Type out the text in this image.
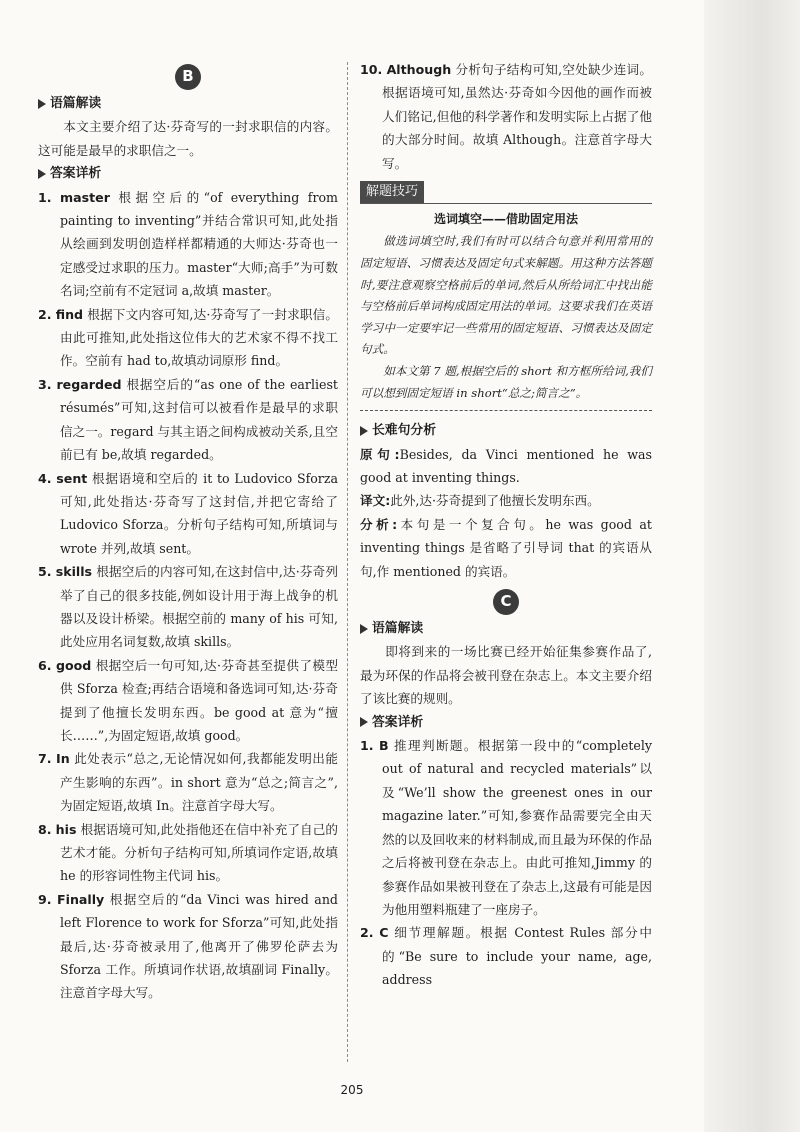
B

语篇解读

本文主要介绍了达·芬奇写的一封求职信的内容。这可能是最早的求职信之一。

答案详析

1. master 根据空后的“of everything from painting to inventing”并结合常识可知,此处指从绘画到发明创造样样都精通的大师达·芬奇也一定感受过求职的压力。master“大师;高手”为可数名词;空前有不定冠词 a,故填 master。

2. find 根据下文内容可知,达·芬奇写了一封求职信。由此可推知,此处指这位伟大的艺术家不得不找工作。空前有 had to,故填动词原形 find。

3. regarded 根据空后的“as one of the earliest résumés”可知,这封信可以被看作是最早的求职信之一。regard 与其主语之间构成被动关系,且空前已有 be,故填 regarded。

4. sent 根据语境和空后的 it to Ludovico Sforza 可知,此处指达·芬奇写了这封信,并把它寄给了 Ludovico Sforza。分析句子结构可知,所填词与 wrote 并列,故填 sent。

5. skills 根据空后的内容可知,在这封信中,达·芬奇列举了自己的很多技能,例如设计用于海上战争的机器以及设计桥梁。根据空前的 many of his 可知,此处应用名词复数,故填 skills。

6. good 根据空后一句可知,达·芬奇甚至提供了模型供 Sforza 检查;再结合语境和备选词可知,达·芬奇提到了他擅长发明东西。be good at 意为“擅长……”,为固定短语,故填 good。

7. In 此处表示“总之,无论情况如何,我都能发明出能产生影响的东西”。in short 意为“总之;简言之”,为固定短语,故填 In。注意首字母大写。

8. his 根据语境可知,此处指他还在信中补充了自己的艺术才能。分析句子结构可知,所填词作定语,故填 he 的形容词性物主代词 his。

9. Finally 根据空后的“da Vinci was hired and left Florence to work for Sforza”可知,此处指最后,达·芬奇被录用了,他离开了佛罗伦萨去为 Sforza 工作。所填词作状语,故填副词 Finally。注意首字母大写。

10. Although 分析句子结构可知,空处缺少连词。根据语境可知,虽然达·芬奇如今因他的画作而被人们铭记,但他的科学著作和发明实际上占据了他的大部分时间。故填 Although。注意首字母大写。

解题技巧

选词填空——借助固定用法

做选词填空时,我们有时可以结合句意并利用常用的固定短语、习惯表达及固定句式来解题。用这种方法答题时,要注意观察空格前后的单词,然后从所给词汇中找出能与空格前后单词构成固定用法的单词。这要求我们在英语学习中一定要牢记一些常用的固定短语、习惯表达及固定句式。

如本文第 7 题,根据空后的 short 和方框所给词,我们可以想到固定短语 in short“总之;简言之”。

长难句分析

原句:Besides, da Vinci mentioned he was good at inventing things.

译文:此外,达·芬奇提到了他擅长发明东西。

分析:本句是一个复合句。he was good at inventing things 是省略了引导词 that 的宾语从句,作 mentioned 的宾语。

C

语篇解读

即将到来的一场比赛已经开始征集参赛作品了,最为环保的作品将会被刊登在杂志上。本文主要介绍了该比赛的规则。

答案详析

1. B 推理判断题。根据第一段中的“completely out of natural and recycled materials”以及“We’ll show the greenest ones in our magazine later.”可知,参赛作品需要完全由天然的以及回收来的材料制成,而且最为环保的作品之后将被刊登在杂志上。由此可推知,Jimmy 的参赛作品如果被刊登在了杂志上,这最有可能是因为他用塑料瓶建了一座房子。

2. C 细节理解题。根据 Contest Rules 部分中的“Be sure to include your name, age, address

205
